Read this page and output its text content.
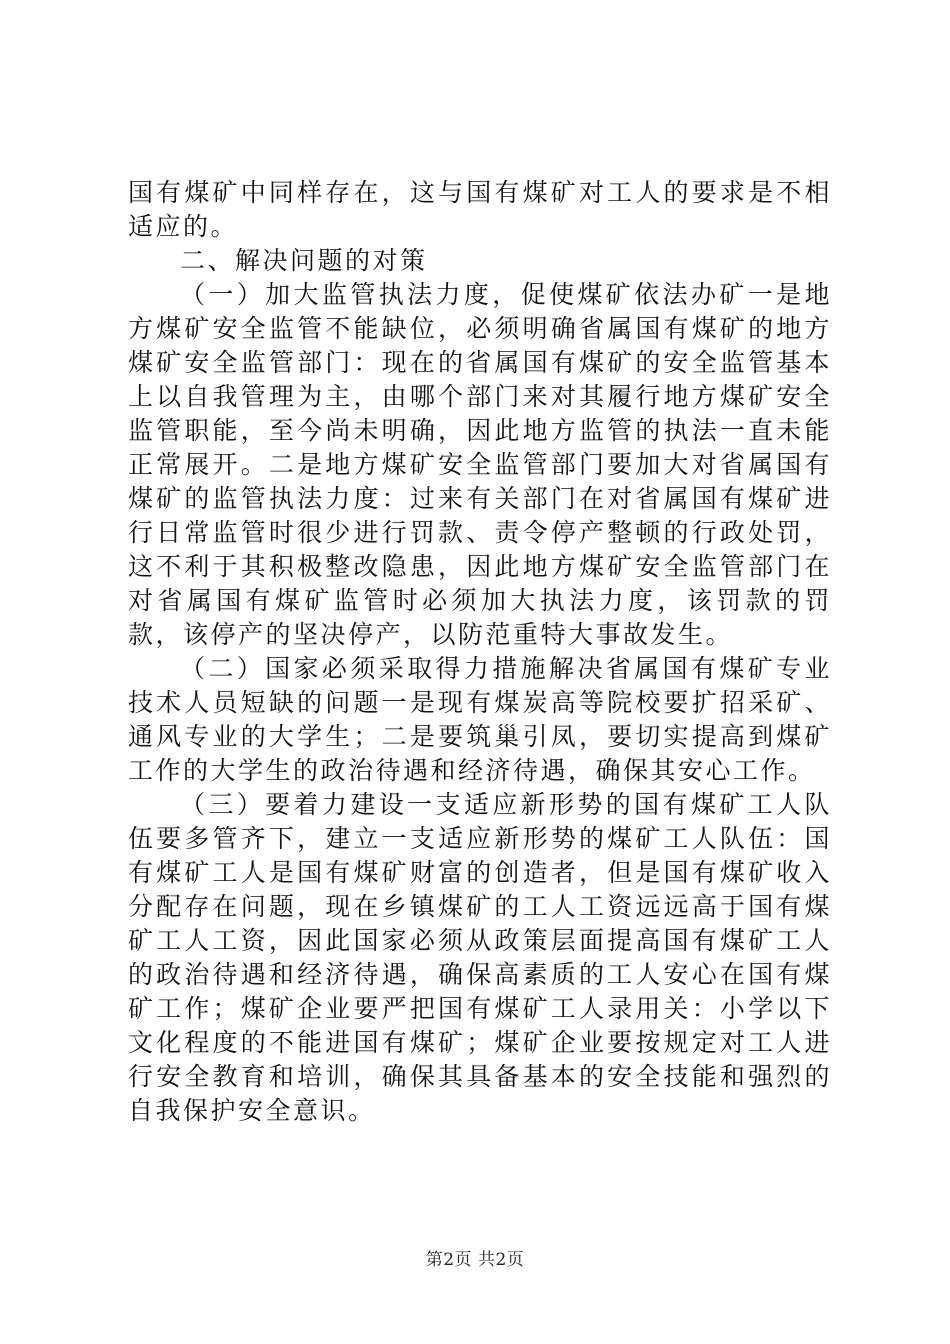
国有煤矿中同样存在，这与国有煤矿对工人的要求是不相适应的。

二、解决问题的对策

（一）加大监管执法力度，促使煤矿依法办矿一是地方煤矿安全监管不能缺位，必须明确省属国有煤矿的地方煤矿安全监管部门：现在的省属国有煤矿的安全监管基本上以自我管理为主，由哪个部门来对其履行地方煤矿安全监管职能，至今尚未明确，因此地方监管的执法一直未能正常展开。二是地方煤矿安全监管部门要加大对省属国有煤矿的监管执法力度：过来有关部门在对省属国有煤矿进行日常监管时很少进行罚款、责令停产整顿的行政处罚，这不利于其积极整改隐患，因此地方煤矿安全监管部门在对省属国有煤矿监管时必须加大执法力度，该罚款的罚款，该停产的坚决停产，以防范重特大事故发生。

（二）国家必须采取得力措施解决省属国有煤矿专业技术人员短缺的问题一是现有煤炭高等院校要扩招采矿、通风专业的大学生；二是要筑巢引凤，要切实提高到煤矿工作的大学生的政治待遇和经济待遇，确保其安心工作。

（三）要着力建设一支适应新形势的国有煤矿工人队伍要多管齐下，建立一支适应新形势的煤矿工人队伍：国有煤矿工人是国有煤矿财富的创造者，但是国有煤矿收入分配存在问题，现在乡镇煤矿的工人工资远远高于国有煤矿工人工资，因此国家必须从政策层面提高国有煤矿工人的政治待遇和经济待遇，确保高素质的工人安心在国有煤矿工作；煤矿企业要严把国有煤矿工人录用关：小学以下文化程度的不能进国有煤矿；煤矿企业要按规定对工人进行安全教育和培训，确保其具备基本的安全技能和强烈的自我保护安全意识。

第2页 共2页
